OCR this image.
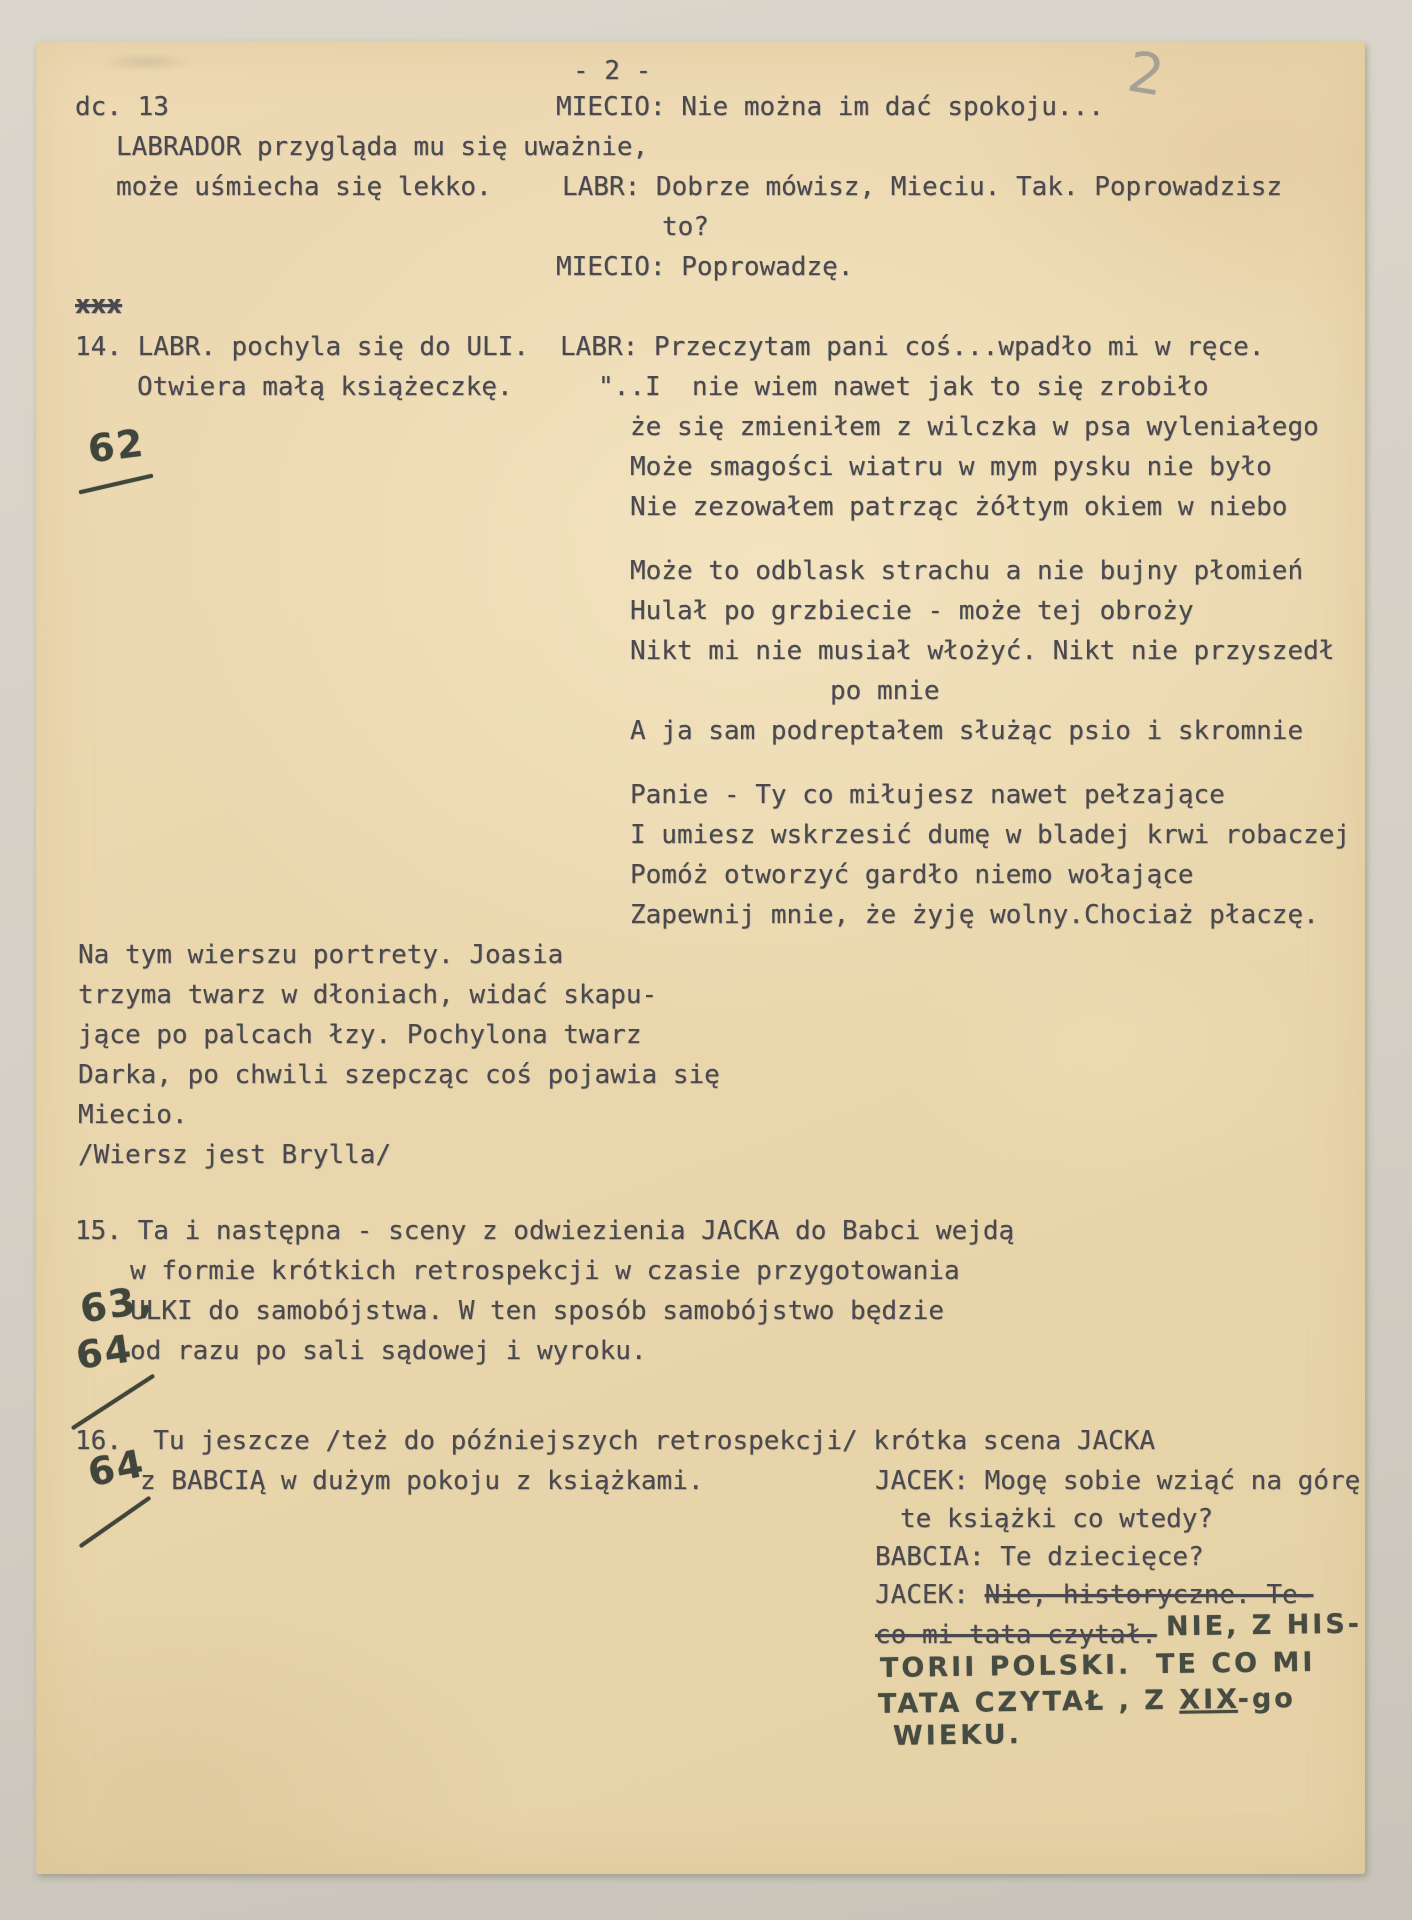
- 2 -	2
dc. 13	MIECIO: Nie można im dać spokoju...
LABRADOR przygląda mu się uważnie,
może uśmiecha się lekko.	LABR: Dobrze mówisz, Mieciu. Tak. Poprowadzisz
to?
MIECIO: Poprowadzę.
xxx
14. LABR. pochyla się do ULI. LABR: Przeczytam pani coś...wpadło mi w ręce.
Otwiera małą książeczkę.	"..I  nie wiem nawet jak to się zrobiło
że się zmieniłem z wilczka w psa wyleniałego
Może smagości wiatru w mym pysku nie było
Nie zezowałem patrząc żółtym okiem w niebo
Może to odblask strachu a nie bujny płomień
Hulał po grzbiecie - może tej obroży
Nikt mi nie musiał włożyć. Nikt nie przyszedł
po mnie
A ja sam podreptałem służąc psio i skromnie
Panie - Ty co miłujesz nawet pełzające
I umiesz wskrzesić dumę w bladej krwi robaczej
Pomóż otworzyć gardło niemo wołające
Zapewnij mnie, że żyję wolny.Chociaż płaczę.
62
Na tym wierszu portrety. Joasia
trzyma twarz w dłoniach, widać skapu-
jące po palcach łzy. Pochylona twarz
Darka, po chwili szepcząc coś pojawia się
Miecio.
/Wiersz jest Brylla/
15. Ta i następna - sceny z odwiezienia JACKA do Babci wejdą
w formie krótkich retrospekcji w czasie przygotowania
ULKI do samobójstwa. W ten sposób samobójstwo będzie
od razu po sali sądowej i wyroku.
63,
64
16.  Tu jeszcze /też do późniejszych retrospekcji/ krótka scena JACKA
z BABCIĄ w dużym pokoju z książkami.
64	JACEK: Mogę sobie wziąć na górę
te książki co wtedy?
BABCIA: Te dziecięce?
JACEK: Nie, historyczne. Te-
co mi tata czytał. NIE, Z HIS-
TORII POLSKI.  TE CO MI
TATA CZYTAŁ , Z XIX-go
WIEKU.
